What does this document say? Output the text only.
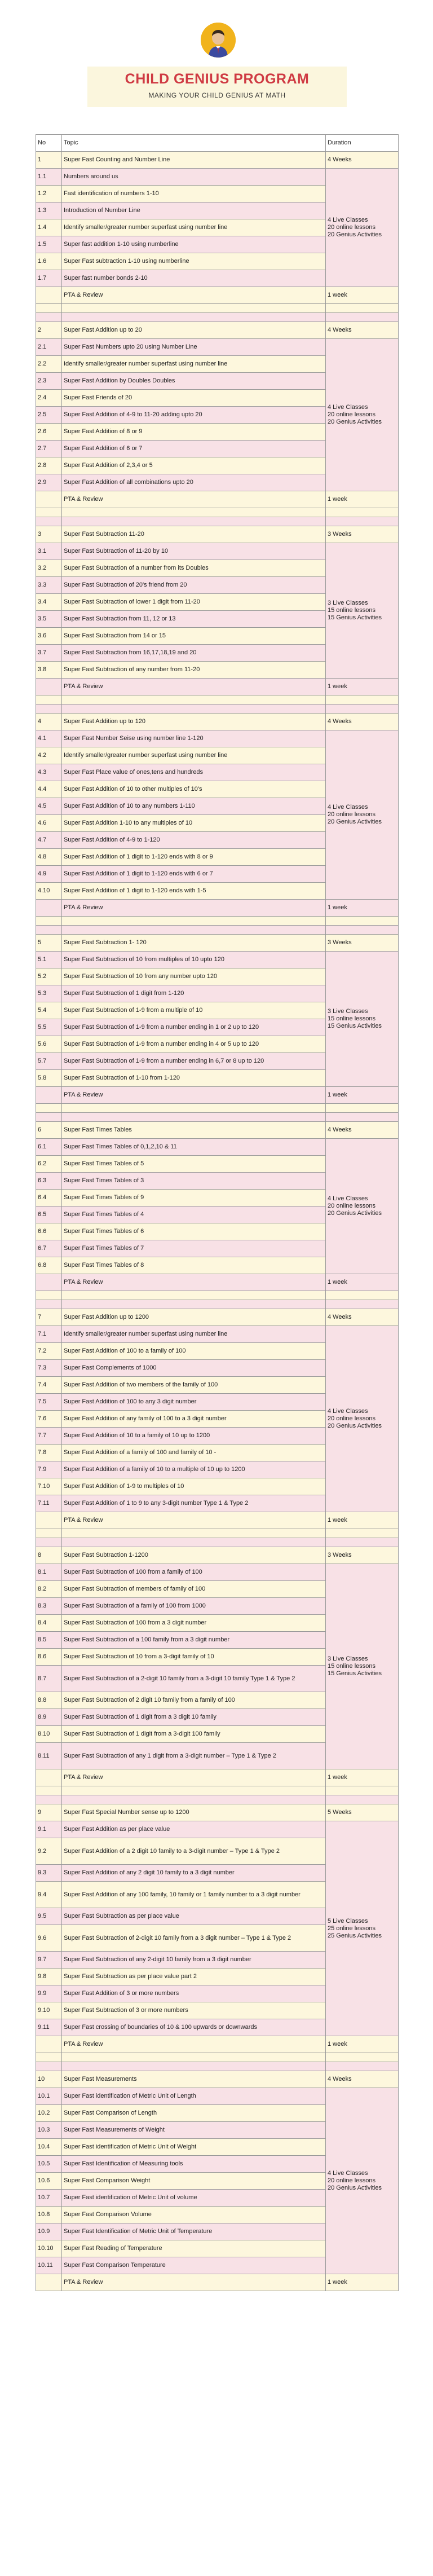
CHILD GENIUS PROGRAM
MAKING YOUR CHILD GENIUS AT MATH
No	Topic	Duration
1	Super Fast Counting and Number Line	4 Weeks
1.1	Numbers around us	4 Live Classes
20 online lessons
20 Genius Activities

1.2	Fast identification of numbers 1-10	
1.3	Introduction of Number Line	
1.4	Identify smaller/greater number superfast using number line	
1.5	Super fast addition 1-10 using numberline	
1.6	Super Fast subtraction 1-10 using numberline	
1.7	Super fast number bonds 2-10	
	PTA & Review	1 week

2	Super Fast Addition up to 20	4 Weeks
2.1	Super Fast Numbers upto 20 using Number Line	4 Live Classes
20 online lessons
20 Genius Activities

2.2	Identify smaller/greater number superfast using number line	
2.3	Super Fast Addition by Doubles Doubles	
2.4	Super Fast Friends of 20	
2.5	Super Fast Addition of 4-9 to 11-20 adding upto 20	
2.6	Super Fast Addition of 8 or 9	
2.7	Super Fast Addition of 6 or 7	
2.8	Super Fast Addition of 2,3,4 or 5	
2.9	Super Fast Addition of all combinations upto 20	
	PTA & Review	1 week

3	Super Fast Subtraction 11-20	3 Weeks
3.1	Super Fast Subtraction of 11-20 by 10	3 Live Classes
15 online lessons
15 Genius Activities

3.2	Super Fast Subtraction of a number from its Doubles	
3.3	Super Fast Subtraction of 20's friend from 20	
3.4	Super Fast Subtraction of lower 1 digit from 11-20	
3.5	Super Fast Subtraction from 11, 12 or 13	
3.6	Super Fast Subtraction from 14 or 15	
3.7	Super Fast Subtraction from 16,17,18,19 and 20	
3.8	Super Fast Subtraction of any number from 11-20	
	PTA & Review	1 week

4	Super Fast Addition up to 120	4 Weeks
4.1	Super Fast Number Seise using number line 1-120	4 Live Classes
20 online lessons
20 Genius Activities

4.2	Identify smaller/greater number superfast using number line	
4.3	Super Fast Place value of ones,tens and hundreds	
4.4	Super Fast Addition of 10 to other multiples of 10's	
4.5	Super Fast Addition of 10 to any numbers 1-110	
4.6	Super Fast Addition 1-10 to any multiples of 10	
4.7	Super Fast Addition of 4-9 to 1-120	
4.8	Super Fast Addition of 1 digit to 1-120 ends with 8 or 9	
4.9	Super Fast Addition of 1 digit to 1-120 ends with 6 or 7	
4.10	Super Fast Addition of 1 digit to 1-120 ends with 1-5	
	PTA & Review	1 week

5	Super Fast Subtraction 1- 120	3 Weeks
5.1	Super Fast Subtraction of 10 from multiples of 10 upto 120	3 Live Classes
15 online lessons
15 Genius Activities

5.2	Super Fast Subtraction of 10 from any number upto 120	
5.3	Super Fast Subtraction of 1 digit from 1-120	
5.4	Super Fast Subtraction of 1-9 from a multiple of 10	
5.5	Super Fast Subtraction of 1-9 from a number ending in 1 or 2 up to 120	
5.6	Super Fast Subtraction of 1-9 from a number ending in 4 or 5 up to 120	
5.7	Super Fast Subtraction of 1-9 from a number ending in 6,7 or 8 up to 120	
5.8	Super Fast Subtraction of 1-10 from 1-120	
	PTA & Review	1 week

6	Super Fast Times Tables	4 Weeks
6.1	Super Fast Times Tables of 0,1,2,10 & 11	4 Live Classes
20 online lessons
20 Genius Activities

6.2	Super Fast Times Tables of 5	
6.3	Super Fast Times Tables of 3	
6.4	Super Fast Times Tables of 9	
6.5	Super Fast Times Tables of 4	
6.6	Super Fast Times Tables of 6	
6.7	Super Fast Times Tables of 7	
6.8	Super Fast Times Tables of 8	
	PTA & Review	1 week

7	Super Fast Addition up to 1200	4 Weeks
7.1	Identify smaller/greater number superfast using number line	4 Live Classes
20 online lessons
20 Genius Activities

7.2	Super Fast Addition of 100 to a family of 100	
7.3	Super Fast Complements of 1000	
7.4	Super Fast Addition of two members of the family of 100	
7.5	Super Fast Addition of 100 to any 3 digit number	
7.6	Super Fast Addition of any family of 100 to a 3 digit number	
7.7	Super Fast Addition of 10 to a family of 10 up to 1200	
7.8	Super Fast Addition of a family of 100 and family of 10 -	
7.9	Super Fast Addition of a family of 10 to a multiple of 10 up to 1200	
7.10	Super Fast Addition of 1-9 to multiples of 10	
7.11	Super Fast Addition of 1 to 9 to any 3-digit number Type 1 & Type 2	
	PTA & Review	1 week

8	Super Fast Subtraction 1-1200	3 Weeks
8.1	Super Fast Subtraction of 100 from a family of 100	3 Live Classes
15 online lessons
15 Genius Activities

8.2	Super Fast Subtraction of members of family of 100	
8.3	Super Fast Subtraction of a family of 100 from 1000	
8.4	Super Fast Subtraction of 100 from a 3 digit number	
8.5	Super Fast Subtraction of a 100 family from a 3 digit number	
8.6	Super Fast Subtraction of 10 from a 3-digit family of 10	
8.7	Super Fast Subtraction of a 2-digit 10 family from a 3-digit 10 family Type 1 & Type 2	
8.8	Super Fast Subtraction of 2 digit 10 family from a family of 100	
8.9	Super Fast Subtraction of 1 digit from a 3 digit 10 family	
8.10	Super Fast Subtraction of 1 digit from a 3-digit 100 family	
8.11	Super Fast Subtraction of any 1 digit from a 3-digit number – Type 1 & Type 2	
	PTA & Review	1 week

9	Super Fast Special Number sense up to 1200	5 Weeks
9.1	Super Fast Addition as per place value	5 Live Classes
25 online lessons
25 Genius Activities

9.2	Super Fast Addition of a 2 digit 10 family to a 3-digit number – Type 1 & Type 2	
9.3	Super Fast Addition of any 2 digit 10 family to a 3 digit number	
9.4	Super Fast Addition of any 100 family, 10 family or 1 family number to a 3 digit number	
9.5	Super Fast Subtraction as per place value	
9.6	Super Fast Subtraction of 2-digit 10 family from a 3 digit number – Type 1 & Type 2	
9.7	Super Fast Subtraction of any 2-digit 10 family from a 3 digit number	
9.8	Super Fast Subtraction as per place value part 2	
9.9	Super Fast Addition of 3 or more numbers	
9.10	Super Fast Subtraction of 3 or more numbers	
9.11	Super Fast crossing of boundaries of 10 & 100 upwards or downwards	
	PTA & Review	1 week

10	Super Fast Measurements	4 Weeks
10.1	Super Fast identification of Metric Unit of Length	4 Live Classes
20 online lessons
20 Genius Activities

10.2	Super Fast Comparison of Length	
10.3	Super Fast Measurements of Weight	
10.4	Super Fast identification of Metric Unit of Weight	
10.5	Super Fast Identification of Measuring tools	
10.6	Super Fast Comparison Weight	
10.7	Super Fast identification of Metric Unit of volume	
10.8	Super Fast Comparison Volume	
10.9	Super Fast Identification of Metric Unit of Temperature	
10.10	Super Fast Reading of Temperature	
10.11	Super Fast Comparison Temperature	
	PTA & Review	1 week
